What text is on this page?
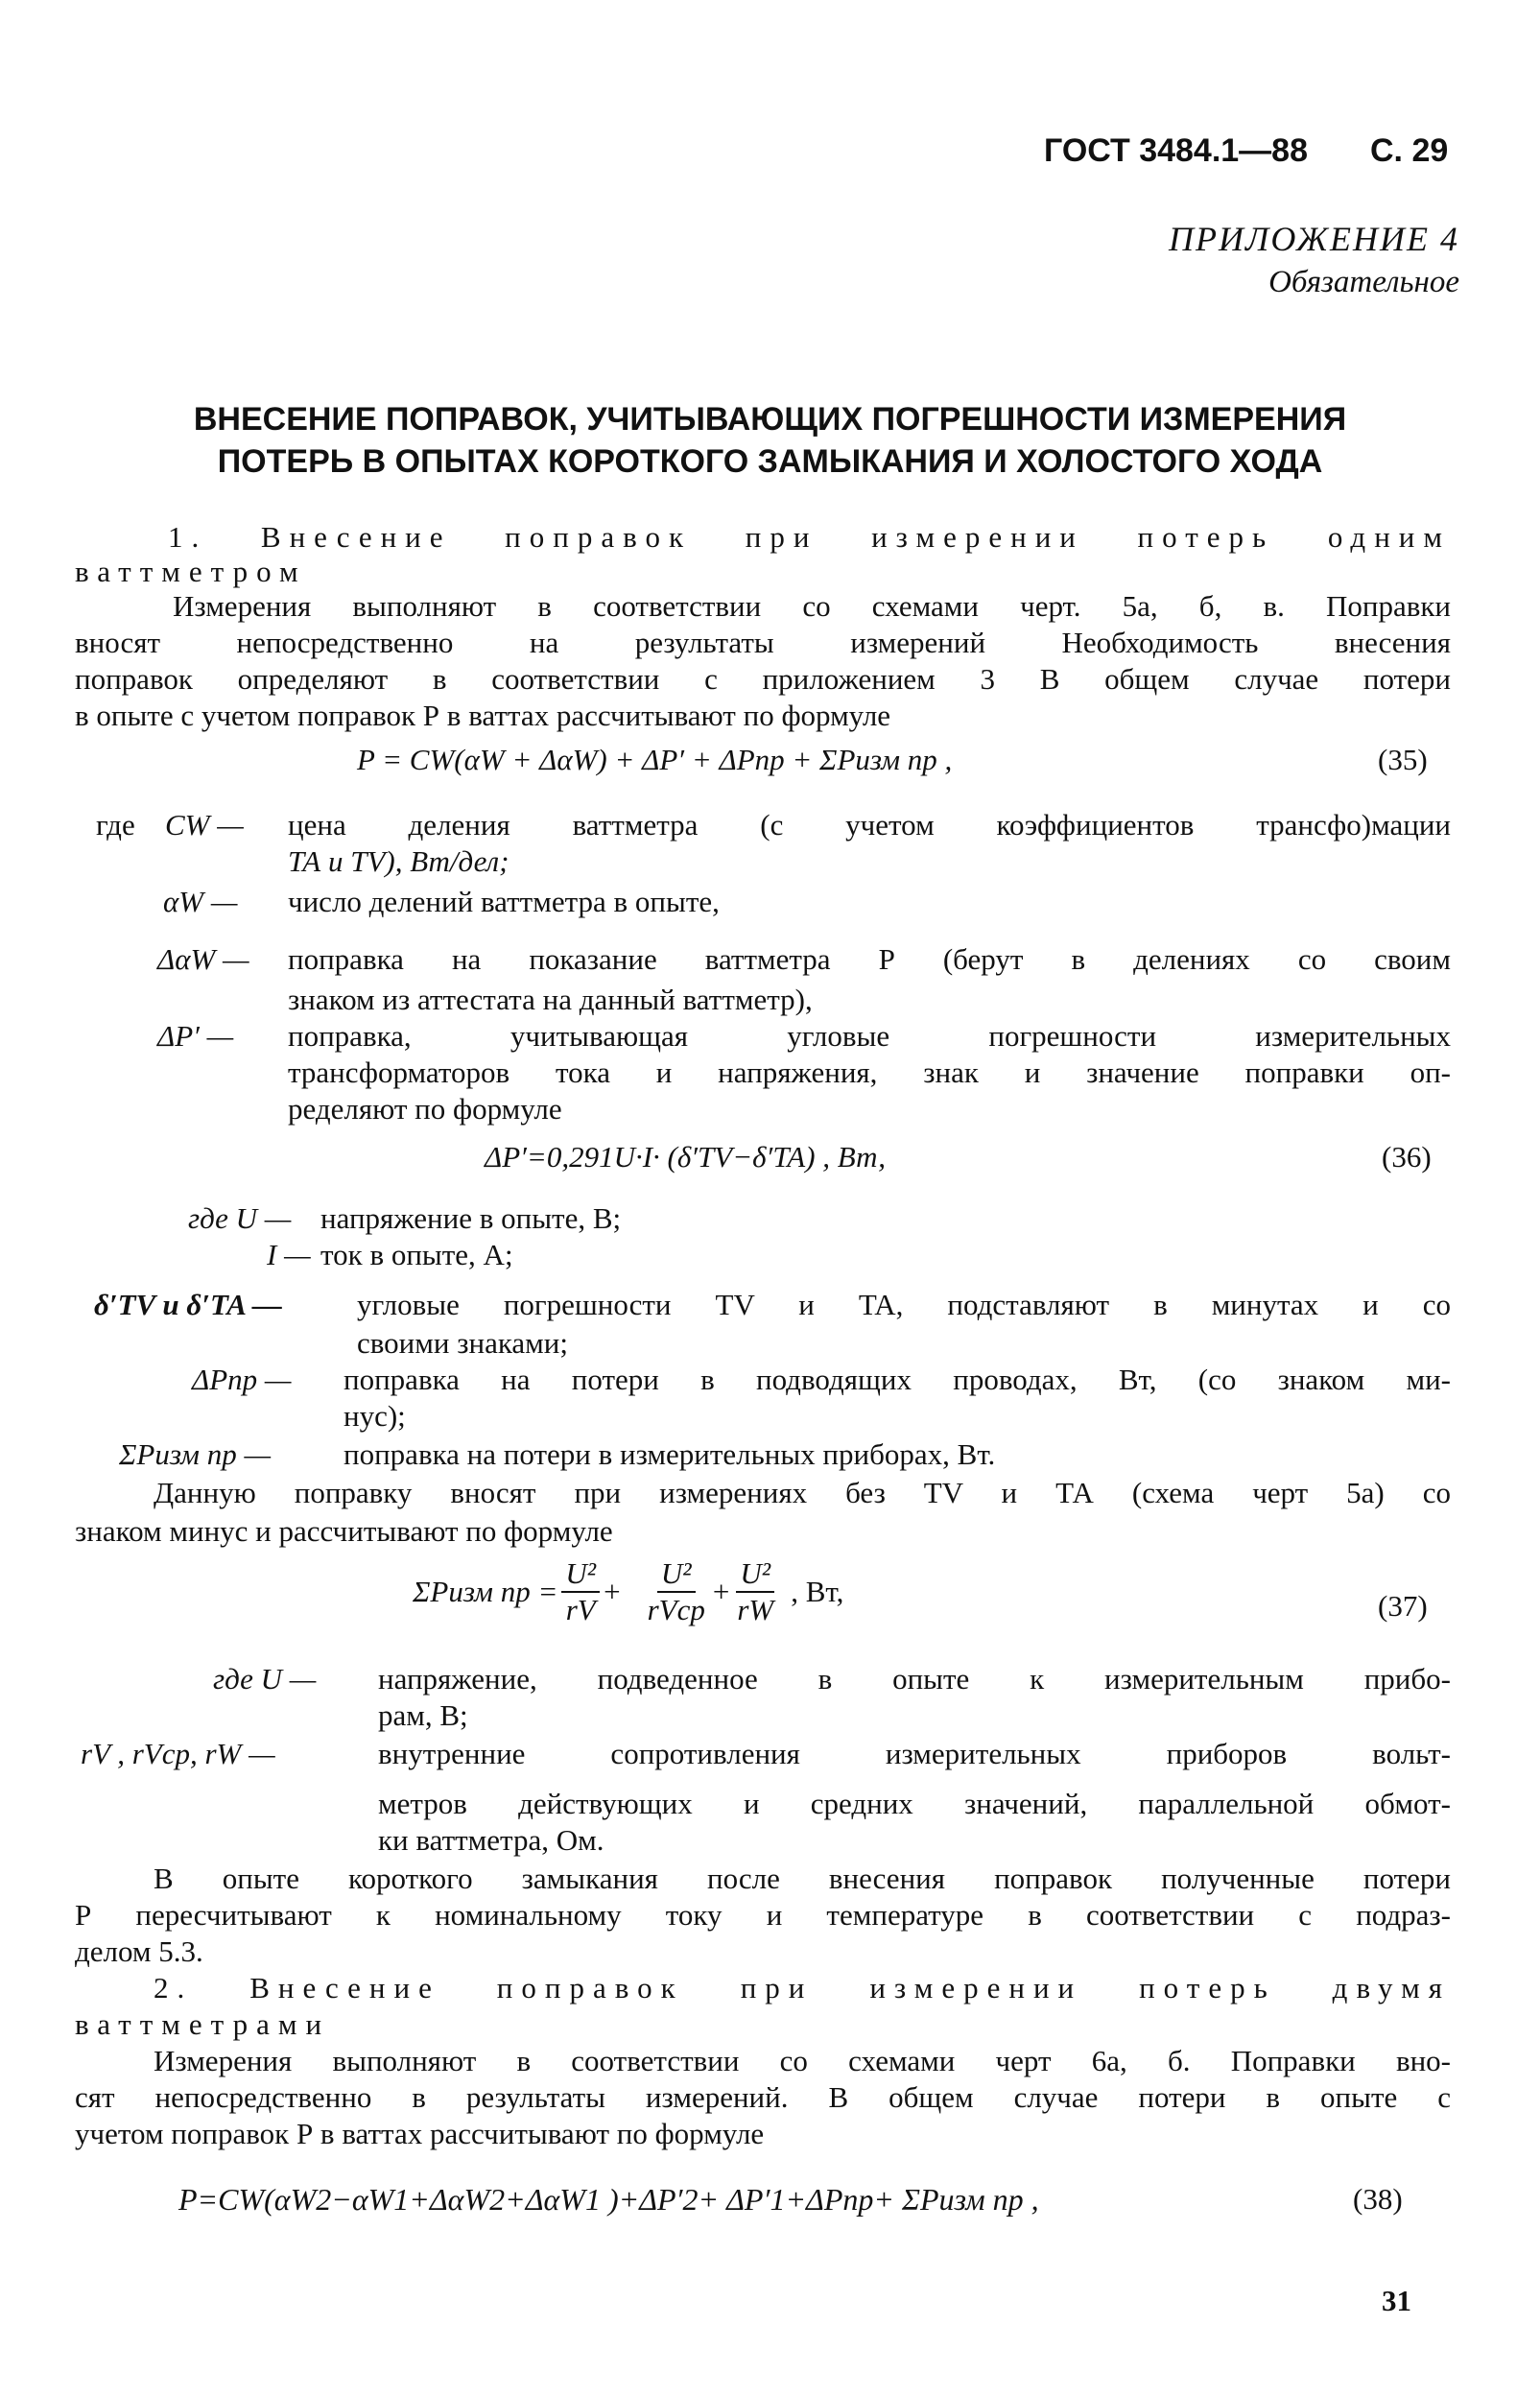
ГОСТ 3484.1—88 С. 29
ПРИЛОЖЕНИЕ 4
Обязательное
ВНЕСЕНИЕ ПОПРАВОК, УЧИТЫВАЮЩИХ ПОГРЕШНОСТИ ИЗМЕРЕНИЯ
ПОТЕРЬ В ОПЫТАХ КОРОТКОГО ЗАМЫКАНИЯ И ХОЛОСТОГО ХОДА
1. Внесение поправок при измерении потерь одним
ваттметром
Измерения выполняют в соответствии со схемами черт. 5а, б, в. Поправки
вносят непосредственно на результаты измерений Необходимость внесения
поправок определяют в соответствии с приложением 3 В общем случае потери
в опыте с учетом поправок Р в ваттах рассчитывают по формуле
P = CW(αW + ΔαW) + ΔP′ + ΔPпр + ΣPизм пр ,	(35)
где CW — цена деления ваттметра (с учетом коэффициентов трансфо)мации
ТА и ТV), Вт/дел;
αW — число делений ваттметра в опыте,
ΔαW — поправка на показание ваттметра Р (берут в делениях со своим
знаком из аттестата на данный ваттметр),
ΔP′ — поправка, учитывающая угловые погрешности измерительных
трансформаторов тока и напряжения, знак и значение поправки оп-
ределяют по формуле
ΔP′=0,291U·I· (δ′TV−δ′TA) , Вт,	(36)
где U — напряжение в опыте, В;
I — ток в опыте, А;
δ′TV и δ′TA —	угловые погрешности TV и TA, подставляют в минутах и со
своими знаками;
ΔPпр — поправка на потери в подводящих проводах, Вт, (со знаком ми-
нус);
ΣPизм пр — поправка на потери в измерительных приборах, Вт.
Данную поправку вносят при измерениях без ТV и ТА (схема черт 5а) со
знаком минус и рассчитывают по формуле
ΣPизм пр = $\frac{\text{U²}}{rV} + \frac{\text{U²}}{\text{rVср}} + \frac{\text{U²}}{rW}$ , Вт,	(37)
где U — напряжение, подведенное в опыте к измерительным прибо-
рам, В;
rV , rVср, rW —	внутренние сопротивления измерительных приборов вольт-
метров действующих и средних значений, параллельной обмот-
ки ваттметра, Ом.
В опыте короткого замыкания после внесения поправок полученные потери
Р пересчитывают к номинальному току и температуре в соответствии с подраз-
делом 5.3.
2. Внесение поправок при измерении потерь двумя
ваттметрами
Измерения выполняют в соответствии со схемами черт 6а, б. Поправки вно-
сят непосредственно в результаты измерений. В общем случае потери в опыте с
учетом поправок Р в ваттах рассчитывают по формуле
P=CW(αW2−αW1+ΔαW2+ΔαW1 )+ΔP′2+ ΔP′1+ΔPпр+ ΣPизм пр ,	(38)
31
